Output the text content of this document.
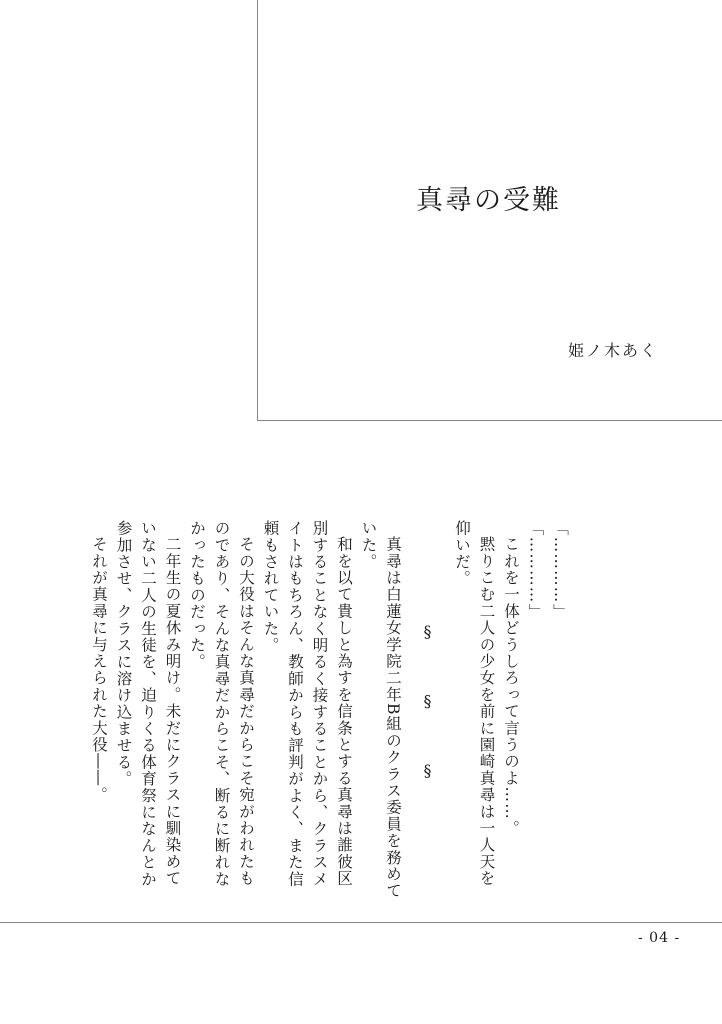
真尋の受難
姫ノ木あく

「…………」

「…………」

これを一体どうしろって言うのよ……。

黙りこむ二人の少女を前に園崎真尋は一人天を仰いだ。

§　§　§

真尋は白蓮女学院二年B組のクラス委員を務めていた。

和を以て貴しと為すを信条とする真尋は誰彼区別することなく明るく接することから、クラスメイトはもちろん、教師からも評判がよく、また信頼もされていた。

その大役はそんな真尋だからこそ宛がわれたものであり、そんな真尋だからこそ、断るに断れなかったものだった。

二年生の夏休み明け。未だにクラスに馴染めていない二人の生徒を、迫りくる体育祭になんとか参加させ、クラスに溶け込ませる。

それが真尋に与えられた大役――。

- 04 -
